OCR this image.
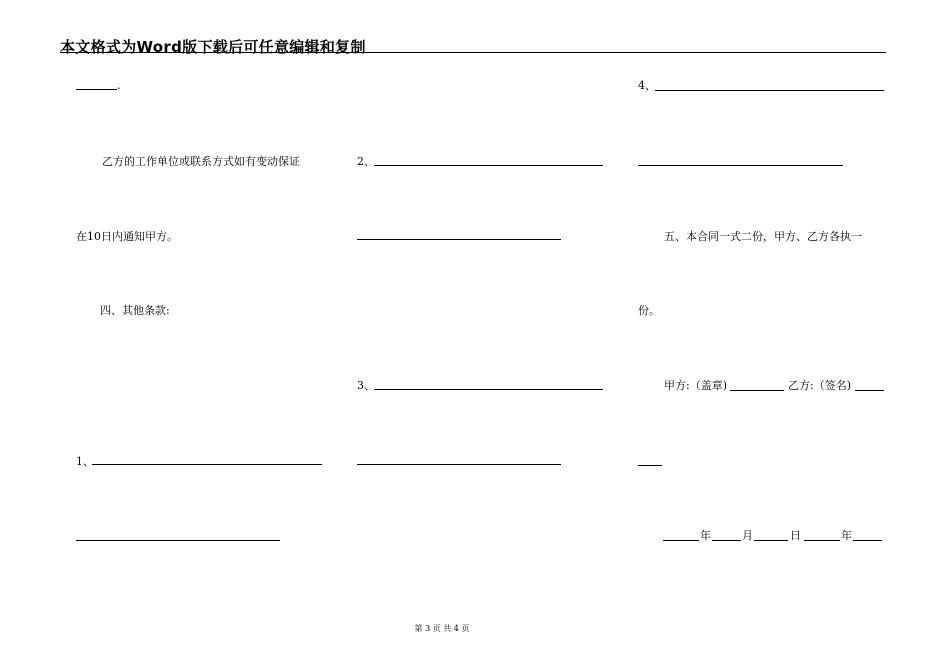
本文格式为Word版下载后可任意编辑和复制
.
乙方的工作单位或联系方式如有变动保证
在10日内通知甲方。
四、其他条款:
1、
2、
3、
4、
五、本合同一式二份，甲方、乙方各执一
份。
甲方:（盖章)	乙方:（签名)
年	月	日	年
第 3 页 共 4 页
